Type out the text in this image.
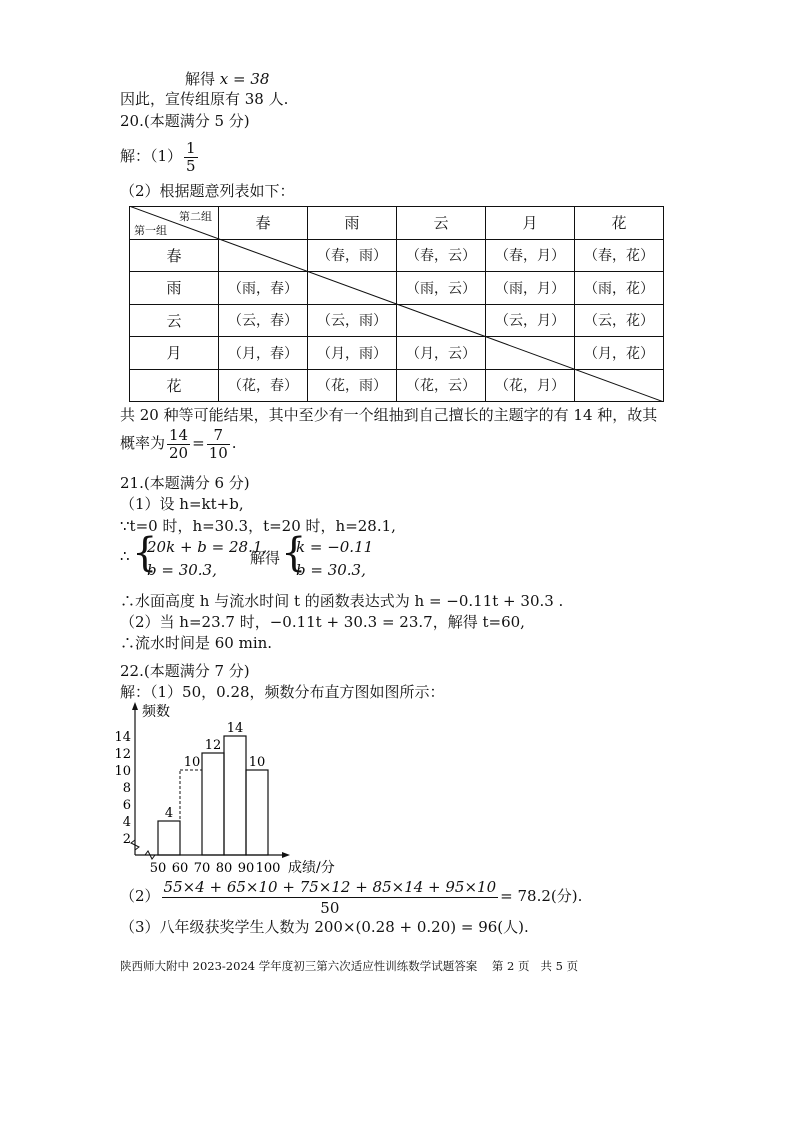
解得 x = 38
因此，宣传组原有 38 人.
20.(本题满分 5 分)
解：$(1) \frac{1}{5}$
（2）根据题意列表如下：
第二组
第一组	春	雨	云	月	花
春		（春，雨）	（春，云）	（春，月）	（春，花）
雨	（雨，春）		（雨，云）	（雨，月）	（雨，花）
云	（云，春）	（云，雨）		（云，月）	（云，花）
月	（月，春）	（月，雨）	（月，云）		（月，花）
花	（花，春）	（花，雨）	（花，云）	（花，月）	
共 20 种等可能结果，其中至少有一个组抽到自己擅长的主题字的有 14 种，故其
概率为 $\frac{14}{20} = \frac{7}{10}$ .
21.(本题满分 6 分)
（1）设 h=kt+b,
∵t=0 时，h=30.3，t=20 时，h=28.1,
∴ {
20k + b = 28.1,
b = 30.3,
解得 {
k = −0.11
b = 30.3,
∴水面高度 h 与流水时间 t 的函数表达式为 h = −0.11t + 30.3 .
（2）当 h=23.7 时，−0.11t + 30.3 = 23.7，解得 t=60,
∴流水时间是 60 min.
22.(本题满分 7 分)
解：（1）50，0.28，频数分布直方图如图所示：
频数
成绩/分
2
4
6
8
10
12
14
50 60 70 80 90 100
4
10
12
14
10
$(2) \frac{55\times 4 + 65\times 10 + 75\times 12 + 85\times 14 + 95\times 10}{50} = 78.2$(分).
（3）八年级获奖学生人数为 200×(0.28 + 0.20) = 96(人).
陕西师大附中 2023-2024 学年度初三第六次适应性训练数学试题答案 第 2 页 共 5 页
